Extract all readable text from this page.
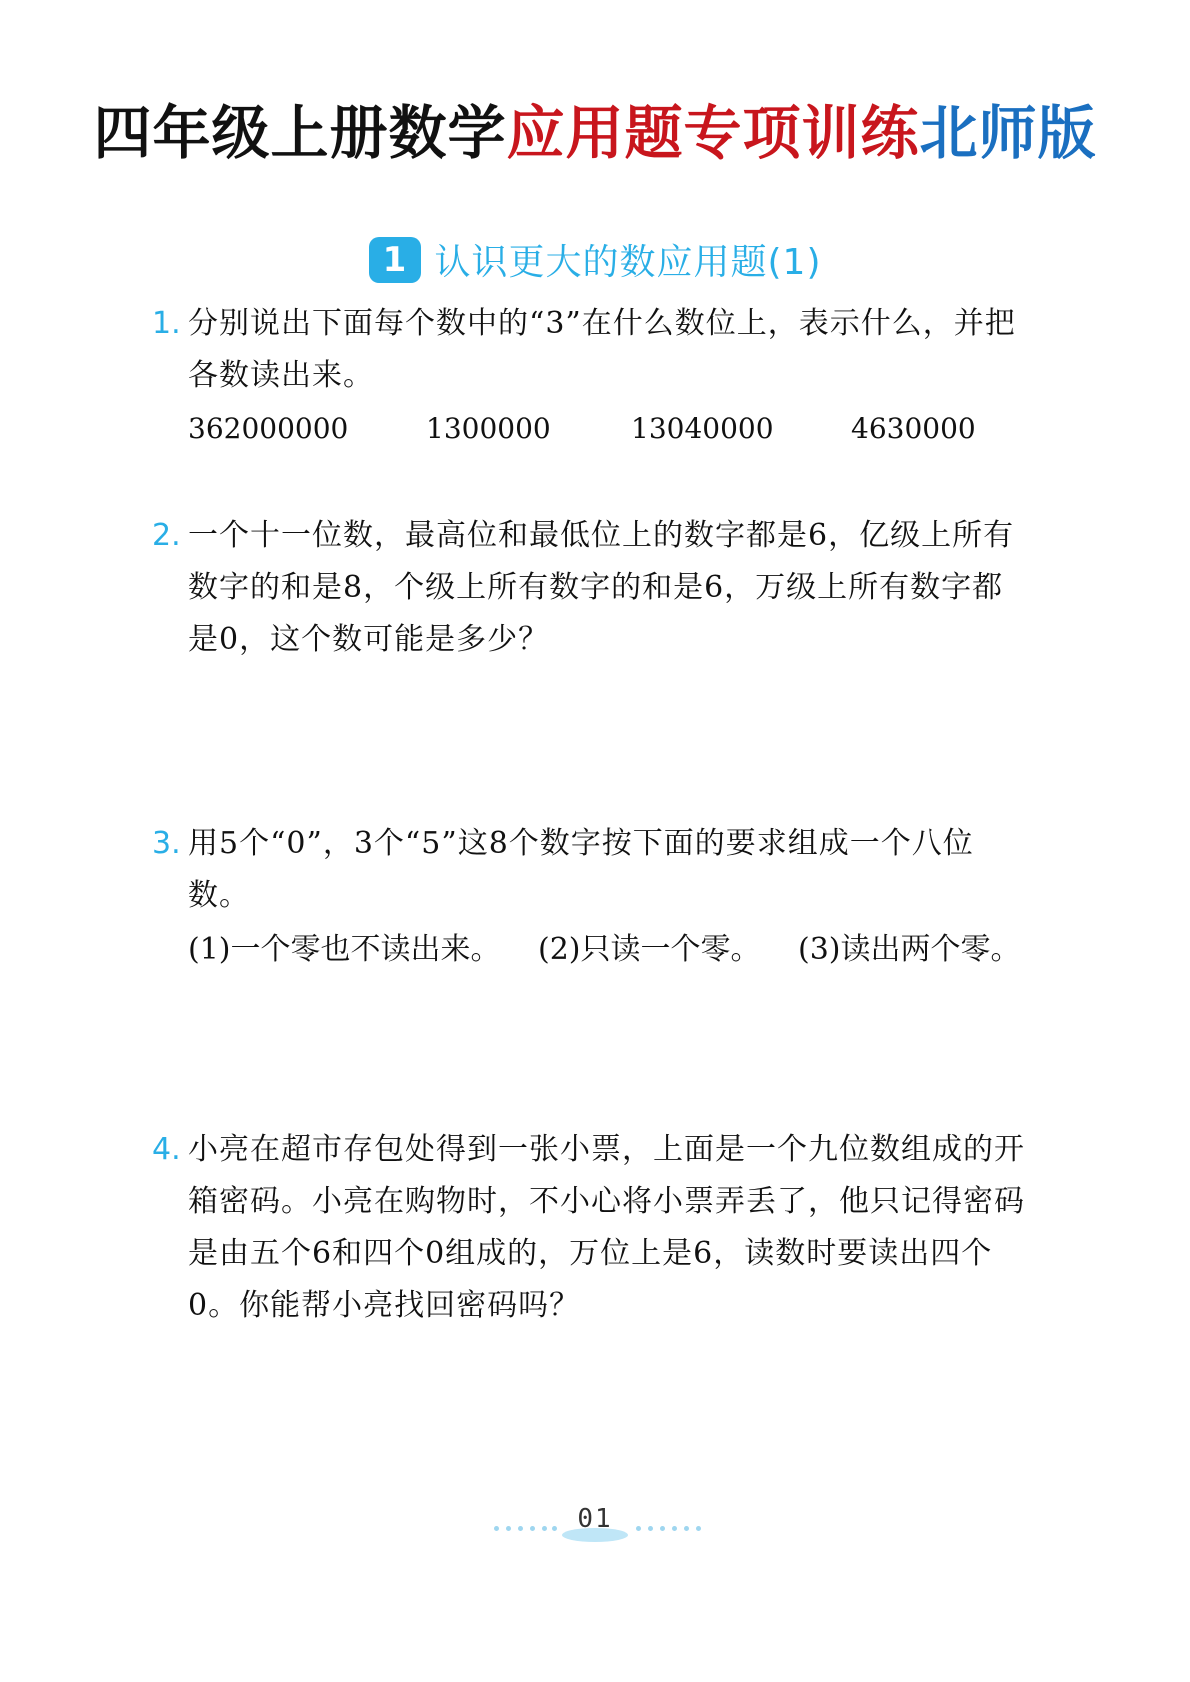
四年级上册数学应用题专项训练北师版
1 认识更大的数应用题(1)
1. 分别说出下面每个数中的“3”在什么数位上，表示什么，并把各数读出来。
362000000	1300000	13040000	4630000
2. 一个十一位数，最高位和最低位上的数字都是6，亿级上所有数字的和是8，个级上所有数字的和是6，万级上所有数字都是0，这个数可能是多少？
3. 用5个“0”，3个“5”这8个数字按下面的要求组成一个八位数。
(1)一个零也不读出来。 (2)只读一个零。 (3)读出两个零。
4. 小亮在超市存包处得到一张小票，上面是一个九位数组成的开箱密码。小亮在购物时，不小心将小票弄丢了，他只记得密码是由五个6和四个0组成的，万位上是6，读数时要读出四个0。你能帮小亮找回密码吗？
01
